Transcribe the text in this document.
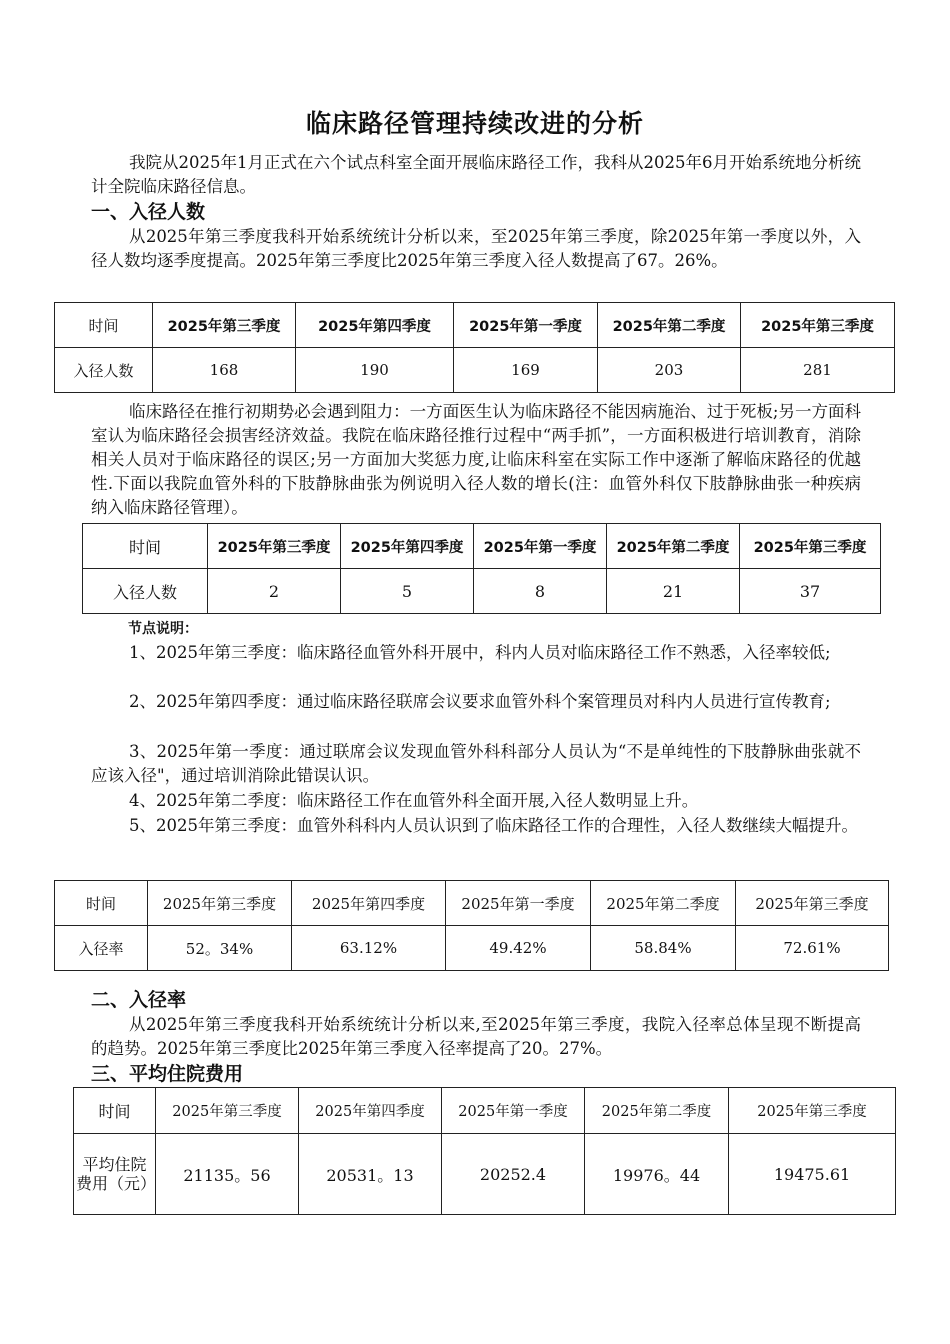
临床路径管理持续改进的分析
我院从2025年1月正式在六个试点科室全面开展临床路径工作，我科从2025年6月开始系统地分析统计全院临床路径信息。
一、入径人数
从2025年第三季度我科开始系统统计分析以来，至2025年第三季度，除2025年第一季度以外，入径人数均逐季度提高。2025年第三季度比2025年第三季度入径人数提高了67。26%。
时间	2025年第三季度	2025年第四季度	2025年第一季度	2025年第二季度	2025年第三季度
入径人数	168	190	169	203	281
临床路径在推行初期势必会遇到阻力：一方面医生认为临床路径不能因病施治、过于死板;另一方面科室认为临床路径会损害经济效益。我院在临床路径推行过程中“两手抓”，一方面积极进行培训教育，消除相关人员对于临床路径的误区;另一方面加大奖惩力度,让临床科室在实际工作中逐渐了解临床路径的优越性.下面以我院血管外科的下肢静脉曲张为例说明入径人数的增长(注：血管外科仅下肢静脉曲张一种疾病纳入临床路径管理）。
时间	2025年第三季度	2025年第四季度	2025年第一季度	2025年第二季度	2025年第三季度
入径人数	2	5	8	21	37
节点说明：
1、2025年第三季度：临床路径血管外科开展中，科内人员对临床路径工作不熟悉，入径率较低;
2、2025年第四季度：通过临床路径联席会议要求血管外科个案管理员对科内人员进行宣传教育;
3、2025年第一季度：通过联席会议发现血管外科科部分人员认为“不是单纯性的下肢静脉曲张就不应该入径"，通过培训消除此错误认识。
4、2025年第二季度：临床路径工作在血管外科全面开展,入径人数明显上升。
5、2025年第三季度：血管外科科内人员认识到了临床路径工作的合理性，入径人数继续大幅提升。
时间	2025年第三季度	2025年第四季度	2025年第一季度	2025年第二季度	2025年第三季度
入径率	52。34%	63.12%	49.42%	58.84%	72.61%
二、入径率
从2025年第三季度我科开始系统统计分析以来,至2025年第三季度，我院入径率总体呈现不断提高的趋势。2025年第三季度比2025年第三季度入径率提高了20。27%。
三、平均住院费用
时间	2025年第三季度	2025年第四季度	2025年第一季度	2025年第二季度	2025年第三季度
平均住院费用（元）	21135。56	20531。13	20252.4	19976。44	19475.61
